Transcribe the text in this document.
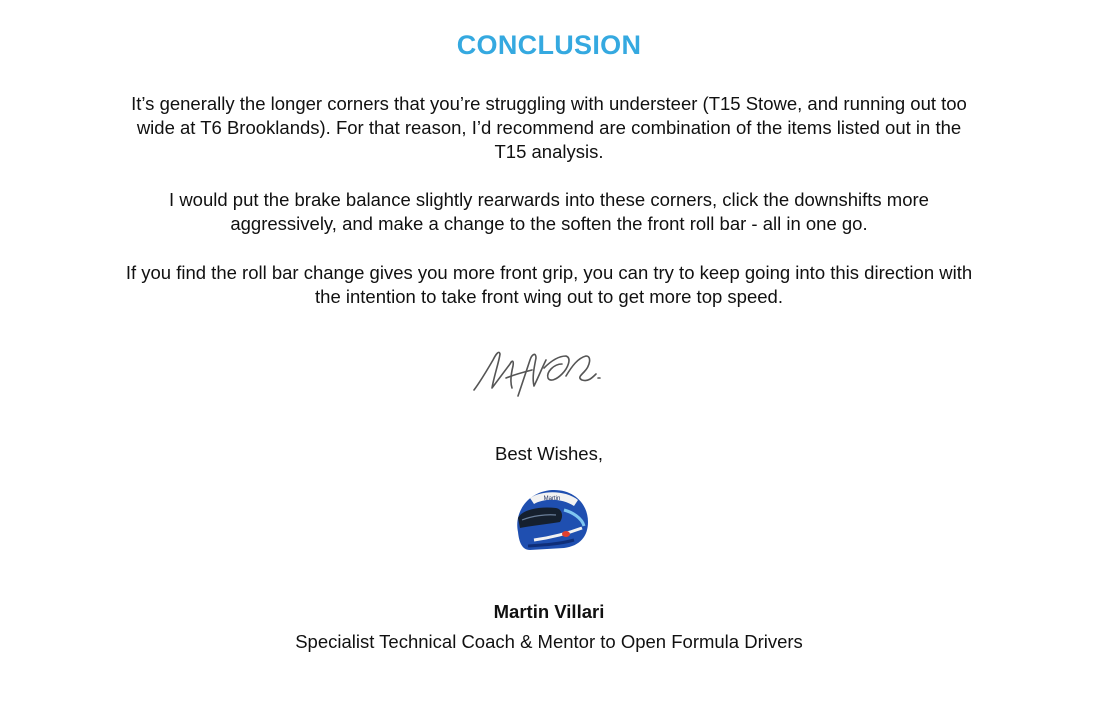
CONCLUSION
It’s generally the longer corners that you’re struggling with understeer (T15 Stowe, and running out too wide at T6 Brooklands). For that reason, I’d recommend are combination of the items listed out in the T15 analysis.
I would put the brake balance slightly rearwards into these corners, click the downshifts more aggressively, and make a change to the soften the front roll bar - all in one go.
If you find the roll bar change gives you more front grip, you can try to keep going into this direction with the intention to take front wing out to get more top speed.
Best Wishes,
Martin
Martin Villari
Specialist Technical Coach & Mentor to Open Formula Drivers
